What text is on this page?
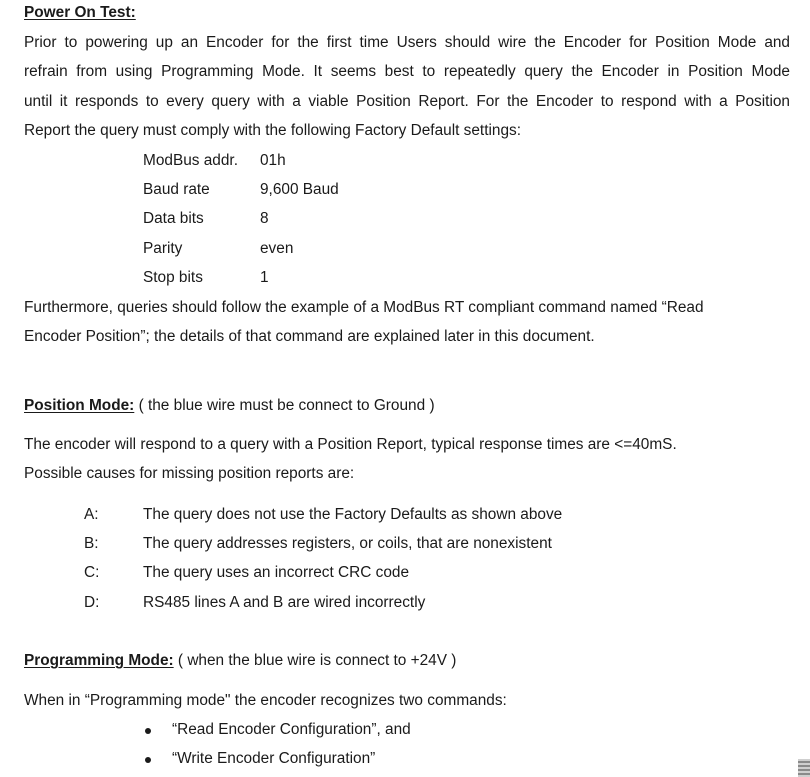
Power On Test:
Prior to powering up an Encoder for the first time Users should wire the Encoder for Position Mode and
refrain from using Programming Mode. It seems best to repeatedly query the Encoder in Position Mode
until it responds to every query with a viable Position Report. For the Encoder to respond with a Position
Report the query must comply with the following Factory Default settings:
ModBus addr. 01h
Baud rate	9,600 Baud
Data bits	8
Parity	even
Stop bits	1
Furthermore, queries should follow the example of a ModBus RT compliant command named “Read
Encoder Position”; the details of that command are explained later in this document.
Position Mode: ( the blue wire must be connect to Ground )
The encoder will respond to a query with a Position Report, typical response times are <=40mS.
Possible causes for missing position reports are:
A:	The query does not use the Factory Defaults as shown above
B:	The query addresses registers, or coils, that are nonexistent
C:	The query uses an incorrect CRC code
D:	RS485 lines A and B are wired incorrectly
Programming Mode: ( when the blue wire is connect to +24V )
When in “Programming mode" the encoder recognizes two commands:
“Read Encoder Configuration”, and
“Write Encoder Configuration”
